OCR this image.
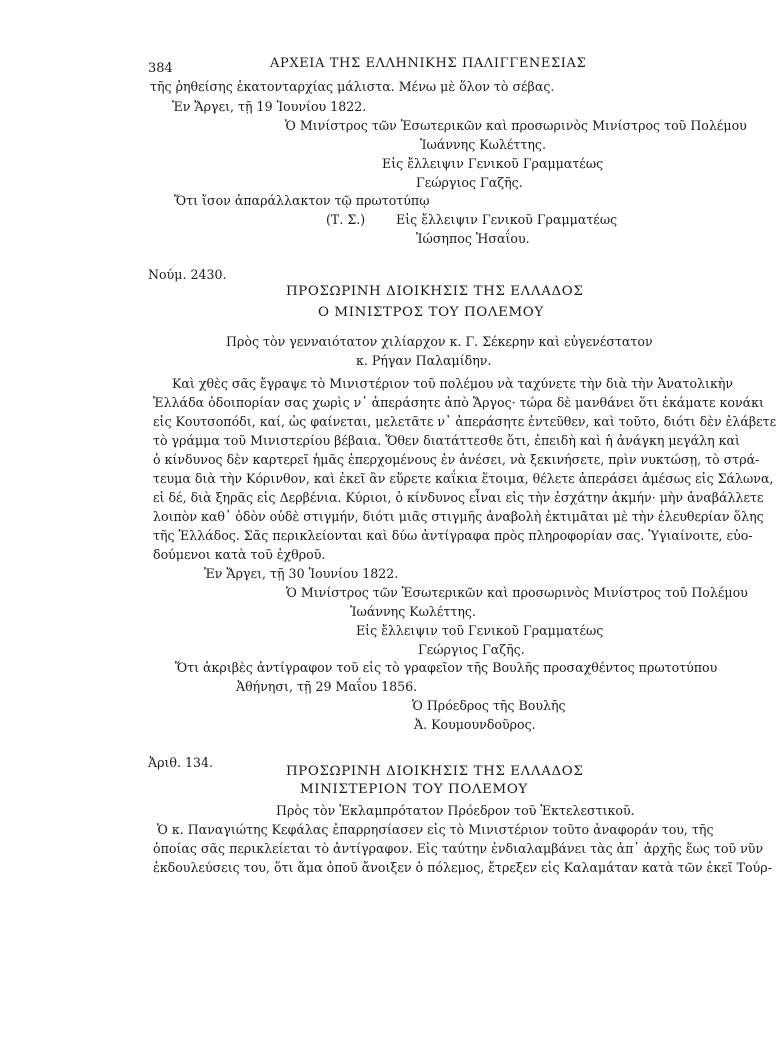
384	ΑΡΧΕΙΑ ΤΗΣ ΕΛΛΗΝΙΚΗΣ ΠΑΛΙΓΓΕΝΕΣΙΑΣ
τῆς ῥηθείσης ἑκατονταρχίας μάλιστα. Μένω μὲ ὅλον τὸ σέβας.
Ἐν Ἄργει, τῇ 19 Ἰουνίου 1822.
Ὁ Μινίστρος τῶν Ἐσωτερικῶν καὶ προσωρινὸς Μινίστρος τοῦ Πολέμου
Ἰωάννης Κωλέττης.
Εἰς ἔλλειψιν Γενικοῦ Γραμματέως
Γεώργιος Γαζῆς.
Ὅτι ἴσον ἀπαράλλακτον τῷ πρωτοτύπῳ
(Τ. Σ.) Εἰς ἔλλειψιν Γενικοῦ Γραμματέως
Ἰώσηπος Ἡσαΐου.
Νούμ. 2430.
ΠΡΟΣΩΡΙΝΗ ΔΙΟΙΚΗΣΙΣ ΤΗΣ ΕΛΛΑΔΟΣ
Ο ΜΙΝΙΣΤΡΟΣ ΤΟΥ ΠΟΛΕΜΟΥ
Πρὸς τὸν γενναιότατον χιλίαρχον κ. Γ. Σέκερην καὶ εὐγενέστατον
κ. Ρήγαν Παλαμίδην.
Καὶ χθὲς σᾶς ἔγραψε τὸ Μινιστέριον τοῦ πολέμου νὰ ταχύνετε τὴν διὰ τὴν Ἀνατολικὴν
Ἑλλάδα ὁδοιπορίαν σας χωρὶς ν᾿ ἀπεράσητε ἀπὸ Ἄργος· τώρα δὲ μανθάνει ὅτι ἐκάματε κονάκι
εἰς Κουτσοπόδι, καί, ὡς φαίνεται, μελετᾶτε ν᾿ ἀπεράσητε ἐντεῦθεν, καὶ τοῦτο, διότι δὲν ἐλάβετε
τὸ γράμμα τοῦ Μινιστερίου βέβαια. Ὅθεν διατάττεσθε ὅτι, ἐπειδὴ καὶ ἡ ἀνάγκη μεγάλη καὶ
ὁ κίνδυνος δὲν καρτερεῖ ἡμᾶς ἐπερχομένους ἐν ἀνέσει, νὰ ξεκινήσετε, πρὶν νυκτώσῃ, τὸ στρά-
τευμα διὰ τὴν Κόρινθον, καὶ ἐκεῖ ἂν εὕρετε καΐκια ἕτοιμα, θέλετε ἀπεράσει ἀμέσως εἰς Σάλωνα,
εἰ δέ, διὰ ξηρᾶς εἰς Δερβένια. Κύριοι, ὁ κίνδυνος εἶναι εἰς τὴν ἐσχάτην ἀκμήν· μὴν ἀναβάλλετε
λοιπὸν καθ᾿ ὁδὸν οὐδὲ στιγμήν, διότι μιᾶς στιγμῆς ἀναβολὴ ἐκτιμᾶται μὲ τὴν ἐλευθερίαν ὅλης
τῆς Ἑλλάδος. Σᾶς περικλείονται καὶ δύω ἀντίγραφα πρὸς πληροφορίαν σας. Ὑγιαίνοιτε, εὐο-
δούμενοι κατὰ τοῦ ἐχθροῦ.
Ἐν Ἄργει, τῇ 30 Ἰουνίου 1822.
Ὁ Μινίστρος τῶν Ἐσωτερικῶν καὶ προσωρινὸς Μινίστρος τοῦ Πολέμου
Ἰωάννης Κωλέττης.
Εἰς ἔλλειψιν τοῦ Γενικοῦ Γραμματέως
Γεώργιος Γαζῆς.
Ὅτι ἀκριβὲς ἀντίγραφον τοῦ εἰς τὸ γραφεῖον τῆς Βουλῆς προσαχθέντος πρωτοτύπου
Ἀθήνησι, τῇ 29 Μαΐου 1856.
Ὁ Πρόεδρος τῆς Βουλῆς
Ἀ. Κουμουνδοῦρος.
Ἀριθ. 134.
ΠΡΟΣΩΡΙΝΗ ΔΙΟΙΚΗΣΙΣ ΤΗΣ ΕΛΛΑΔΟΣ
ΜΙΝΙΣΤΕΡΙΟΝ ΤΟΥ ΠΟΛΕΜΟΥ
Πρὸς τὸν Ἐκλαμπρότατον Πρόεδρον τοῦ Ἐκτελεστικοῦ.
Ὁ κ. Παναγιώτης Κεφάλας ἐπαρρησίασεν εἰς τὸ Μινιστέριον τοῦτο ἀναφοράν του, τῆς
ὁποίας σᾶς περικλείεται τὸ ἀντίγραφον. Εἰς ταύτην ἐνδιαλαμβάνει τὰς ἀπ᾿ ἀρχῆς ἕως τοῦ νῦν
ἐκδουλεύσεις του, ὅτι ἅμα ὁποῦ ἄνοιξεν ὁ πόλεμος, ἔτρεξεν εἰς Καλαμάταν κατὰ τῶν ἐκεῖ Τούρ-
